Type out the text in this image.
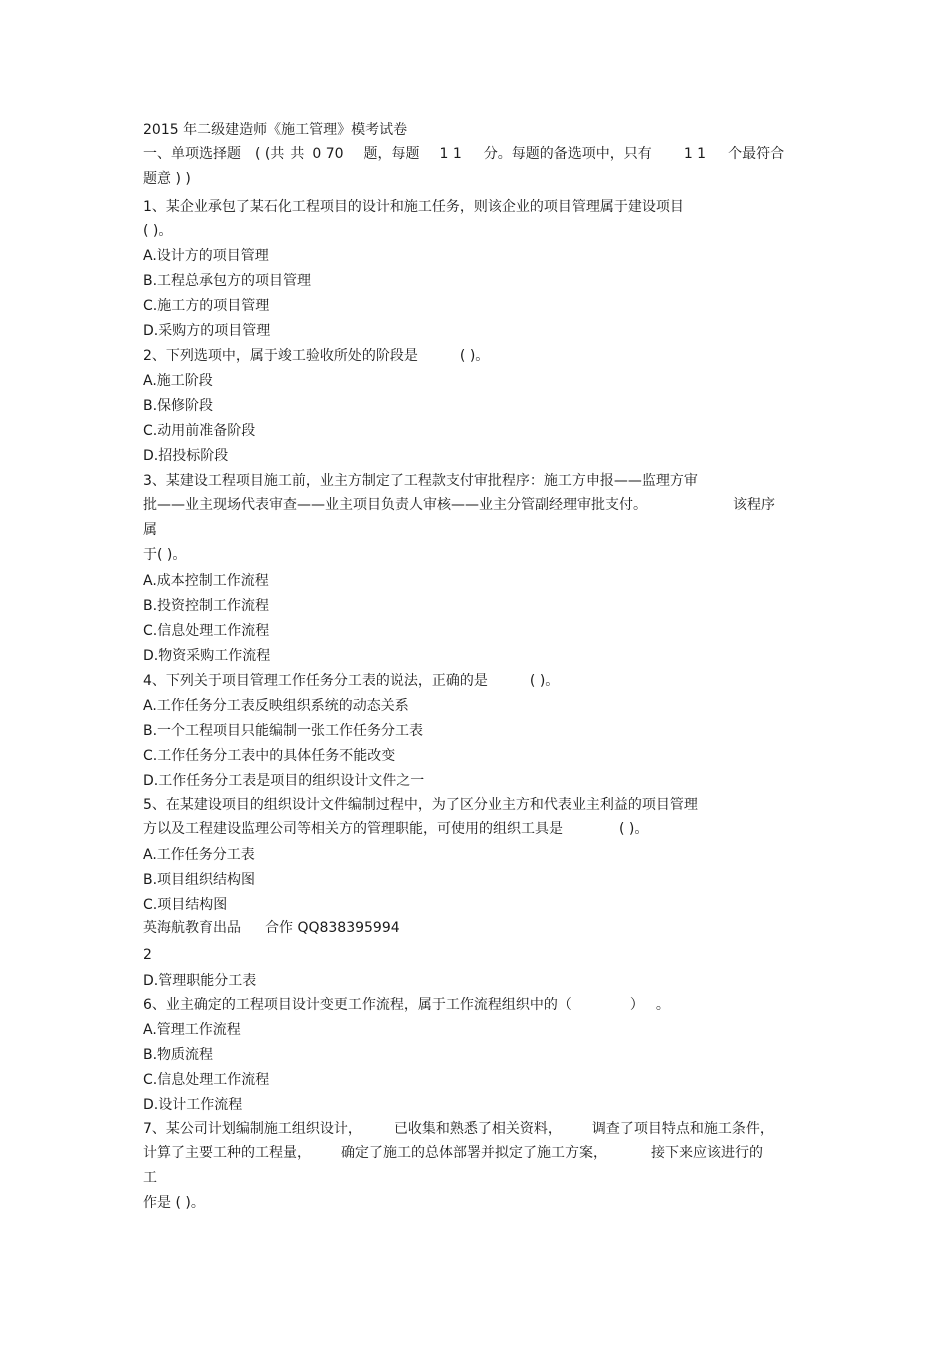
2015 年二级建造师《施工管理》模考试卷
一、单项选择题 ( (共 共 0 70 题，每题 1 1 分。每题的备选项中，只有 1 1 个最符合
题意 ) )
1、某企业承包了某石化工程项目的设计和施工任务，则该企业的项目管理属于建设项目
( )。
A.设计方的项目管理
B.工程总承包方的项目管理
C.施工方的项目管理
D.采购方的项目管理
2、下列选项中，属于竣工验收所处的阶段是	( )。
A.施工阶段
B.保修阶段
C.动用前准备阶段
D.招投标阶段
3、某建设工程项目施工前，业主方制定了工程款支付审批程序：施工方申报——监理方审
批——业主现场代表审查——业主项目负责人审核——业主分管副经理审批支付。	该程序
属
于( )。
A.成本控制工作流程
B.投资控制工作流程
C.信息处理工作流程
D.物资采购工作流程
4、下列关于项目管理工作任务分工表的说法，正确的是	( )。
A.工作任务分工表反映组织系统的动态关系
B.一个工程项目只能编制一张工作任务分工表
C.工作任务分工表中的具体任务不能改变
D.工作任务分工表是项目的组织设计文件之一
5、在某建设项目的组织设计文件编制过程中，为了区分业主方和代表业主利益的项目管理
方以及工程建设监理公司等相关方的管理职能，可使用的组织工具是	( )。
A.工作任务分工表
B.项目组织结构图
C.项目结构图
英海航教育出品 合作 QQ838395994
2
D.管理职能分工表
6、业主确定的工程项目设计变更工作流程，属于工作流程组织中的（	） 。
A.管理工作流程
B.物质流程
C.信息处理工作流程
D.设计工作流程
7、某公司计划编制施工组织设计， 已收集和熟悉了相关资料， 调查了项目特点和施工条件，
计算了主要工种的工程量， 确定了施工的总体部署并拟定了施工方案，	接下来应该进行的
工
作是 ( )。
